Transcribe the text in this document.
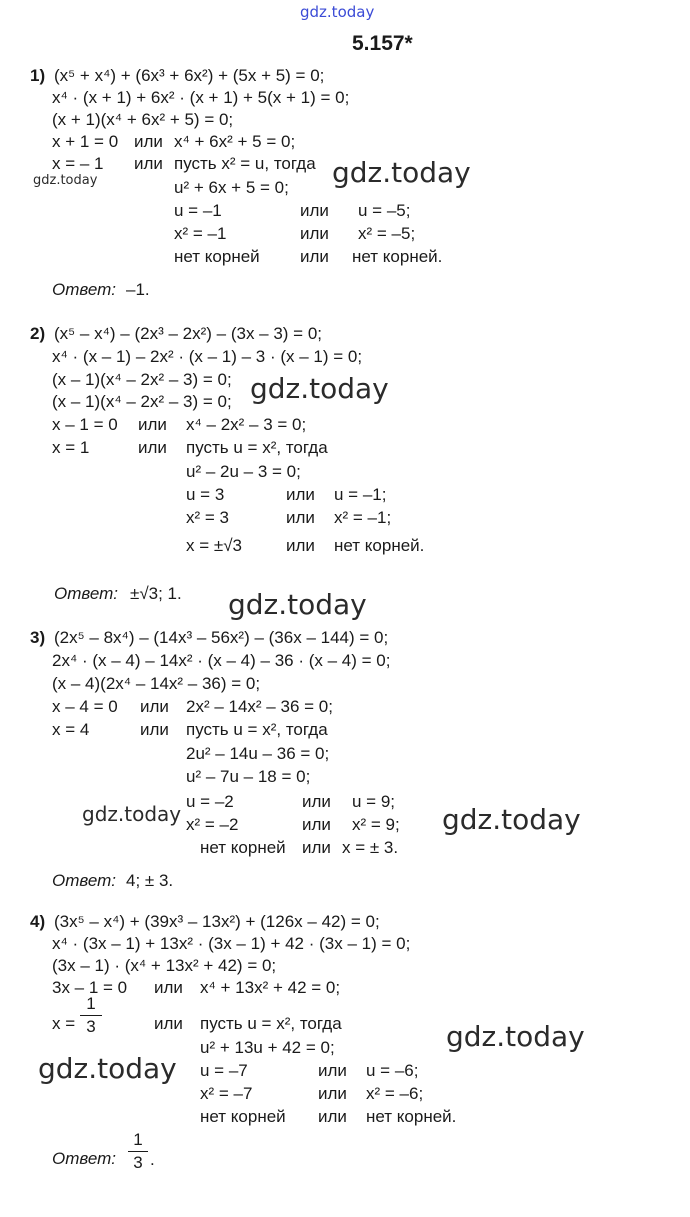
gdz.today
gdz.today	gdz.today
gdz.today
gdz.today
gdz.today
gdz.today
gdz.today
gdz.today
5.157*
1) (x⁵ + x⁴) + (6x³ + 6x²) + (5x + 5) = 0;
x⁴ · (x + 1) + 6x² · (x + 1) + 5(x + 1) = 0;
(x + 1)(x⁴ + 6x² + 5) = 0;
x + 1 = 0 или x⁴ + 6x² + 5 = 0;
x = – 1 или пусть x² = u, тогда
u² + 6x + 5 = 0;
u = –1	или u = –5;
x² = –1	или x² = –5;
нет корней или нет корней.
Ответ: –1.
2) (x⁵ – x⁴) – (2x³ – 2x²) – (3x – 3) = 0;
x⁴ · (x – 1) – 2x² · (x – 1) – 3 · (x – 1) = 0;
(x – 1)(x⁴ – 2x² – 3) = 0;
(x – 1)(x⁴ – 2x² – 3) = 0;
x – 1 = 0 или x⁴ – 2x² – 3 = 0;
x = 1	или пусть u = x², тогда
u² – 2u – 3 = 0;
u = 3	или u = –1;
x² = 3	или x² = –1;
x = ±√3	или нет корней.
Ответ: ±√3; 1.
3) (2x⁵ – 8x⁴) – (14x³ – 56x²) – (36x – 144) = 0;
2x⁴ · (x – 4) – 14x² · (x – 4) – 36 · (x – 4) = 0;
(x – 4)(2x⁴ – 14x² – 36) = 0;
x – 4 = 0 или 2x² – 14x² – 36 = 0;
x = 4	или пусть u = x², тогда
2u² – 14u – 36 = 0;
u² – 7u – 18 = 0;
u = –2	или u = 9;
x² = –2	или x² = 9;
нет корней или x = ± 3.
Ответ: 4; ± 3.
4) (3x⁵ – x⁴) + (39x³ – 13x²) + (126x – 42) = 0;
x⁴ · (3x – 1) + 13x² · (3x – 1) + 42 · (3x – 1) = 0;
(3x – 1) · (x⁴ + 13x² + 42) = 0;
3x – 1 = 0 или x⁴ + 13x² + 42 = 0;
x =
1
3	или пусть u = x², тогда
u² + 13u + 42 = 0;
u = –7	или u = –6;
x² = –7	или x² = –6;
нет корней или нет корней.
Ответ:
1
3 .
